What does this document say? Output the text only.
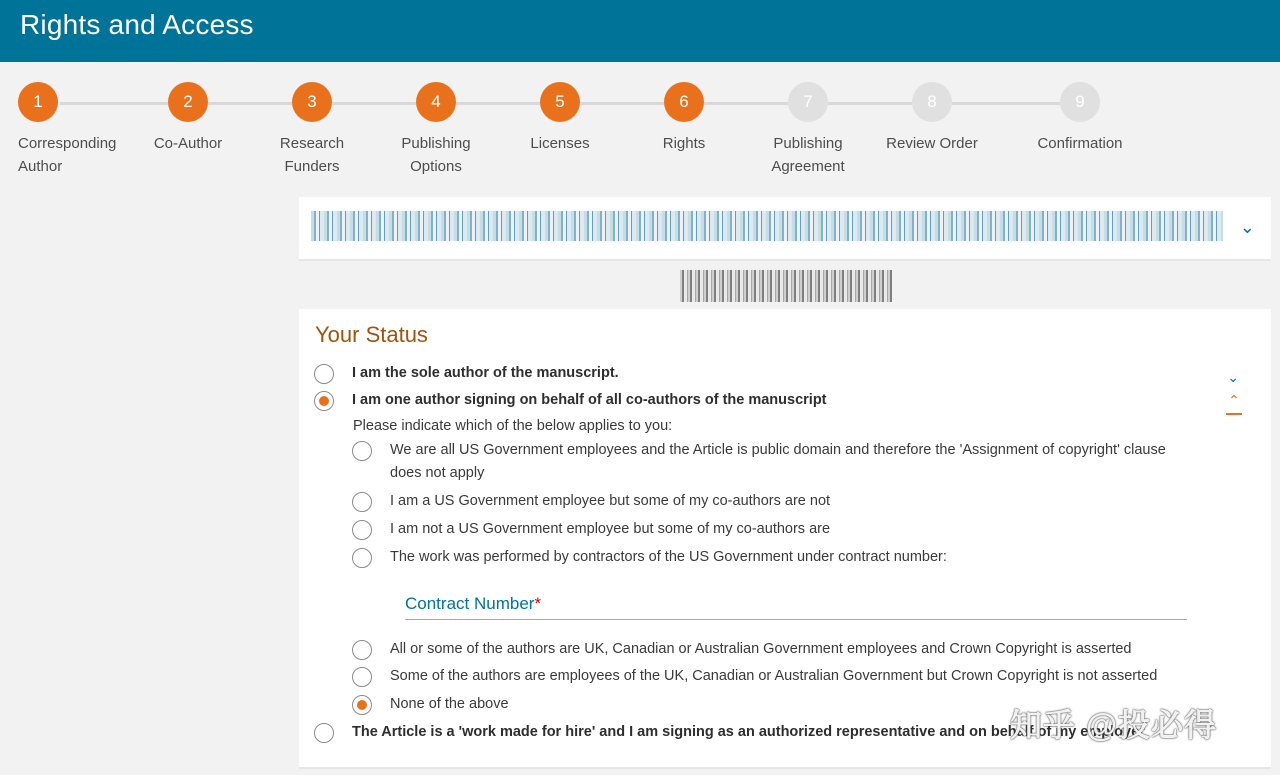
Rights and Access
1
Corresponding
Author
2
Co-Author
3
Research
Funders
4
Publishing
Options
5
Licenses
6
Rights
7
Publishing
Agreement
8
Review Order
9
Confirmation
⌄
Your Status
⌄
⌃
I am the sole author of the manuscript.
I am one author signing on behalf of all co-authors of the manuscript
Please indicate which of the below applies to you:
We are all US Government employees and the Article is public domain and therefore the 'Assignment of copyright' clause does not apply
I am a US Government employee but some of my co-authors are not
I am not a US Government employee but some of my co-authors are
The work was performed by contractors of the US Government under contract number:
Contract Number*
All or some of the authors are UK, Canadian or Australian Government employees and Crown Copyright is asserted
Some of the authors are employees of the UK, Canadian or Australian Government but Crown Copyright is not asserted
None of the above
The Article is a 'work made for hire' and I am signing as an authorized representative and on behalf of my employer
知乎 @投必得
